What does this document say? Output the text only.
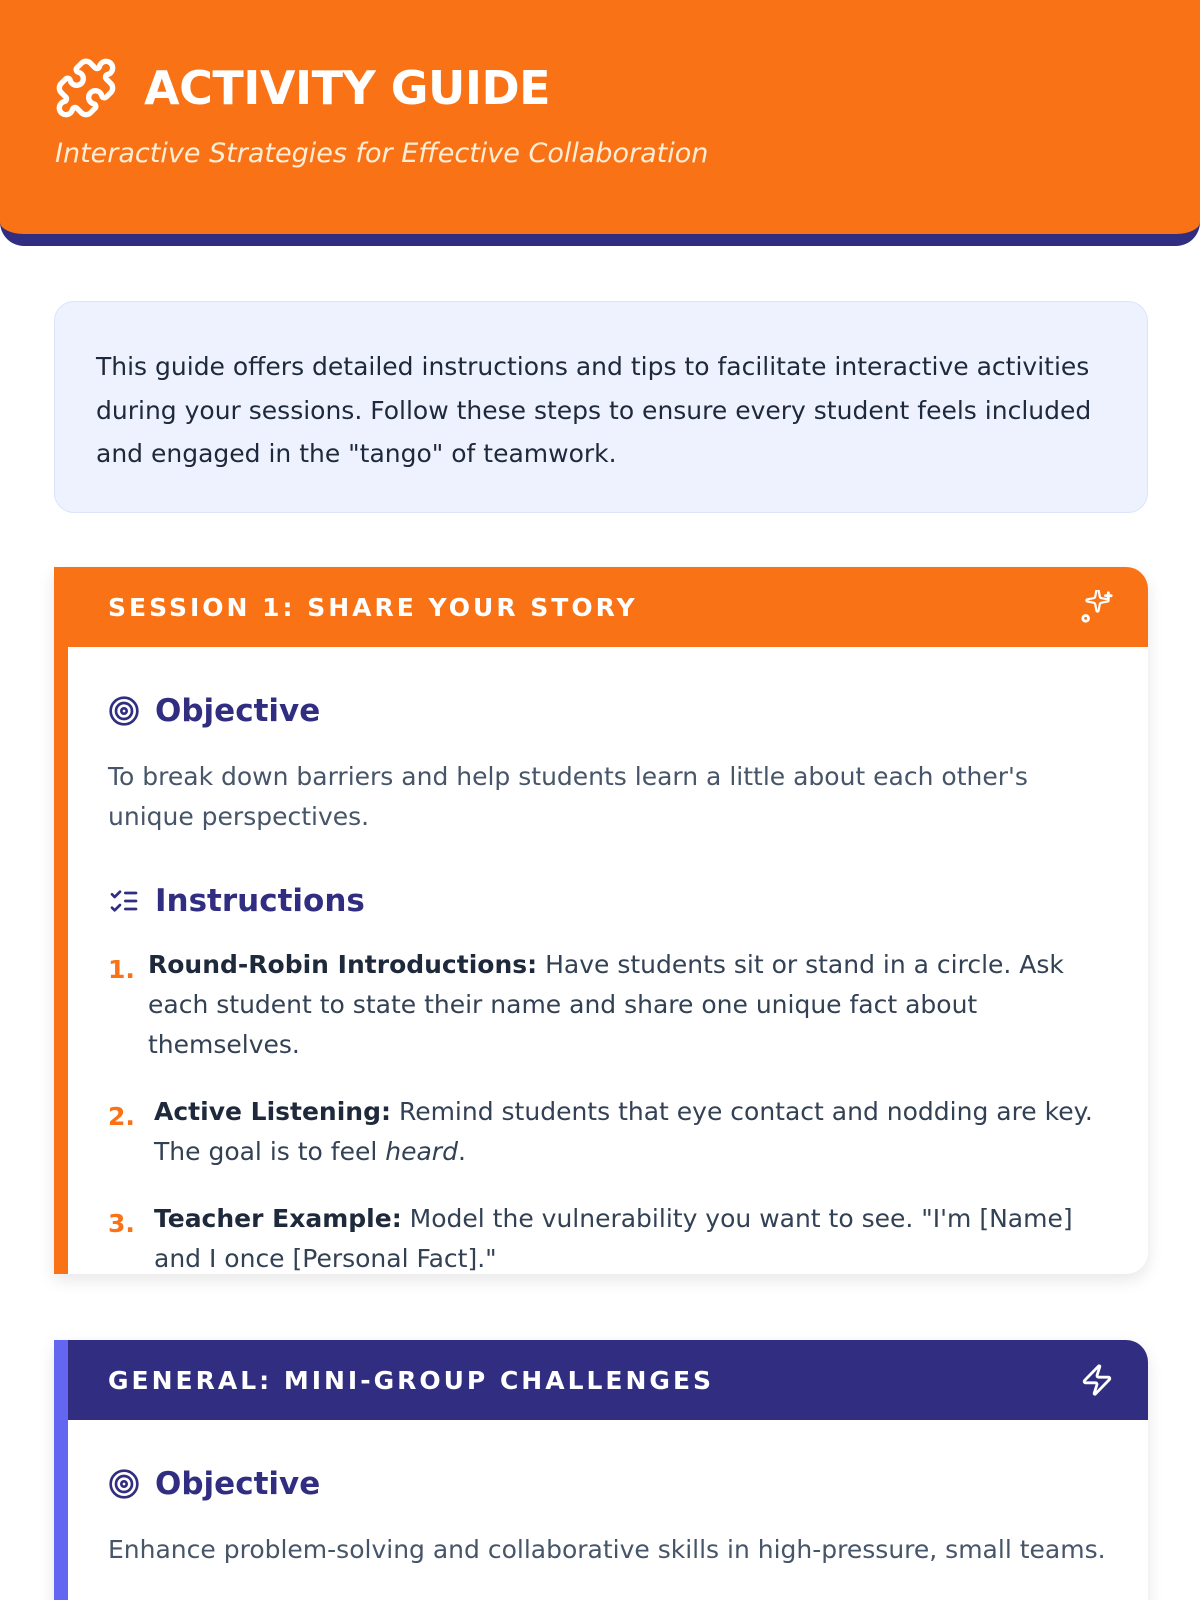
ACTIVITY GUIDE
Interactive Strategies for Effective Collaboration

This guide offers detailed instructions and tips to facilitate interactive activities during your sessions. Follow these steps to ensure every student feels included and engaged in the "tango" of teamwork.

SESSION 1: SHARE YOUR STORY
Objective

To break down barriers and help students learn a little about each other's unique perspectives.

Instructions
1. Round-Robin Introductions: Have students sit or stand in a circle. Ask each student to state their name and share one unique fact about themselves.
2. Active Listening: Remind students that eye contact and nodding are key. The goal is to feel heard.
3. Teacher Example: Model the vulnerability you want to see. "I'm [Name] and I once [Personal Fact]."
GENERAL: MINI-GROUP CHALLENGES
Objective

Enhance problem-solving and collaborative skills in high-pressure, small teams.
